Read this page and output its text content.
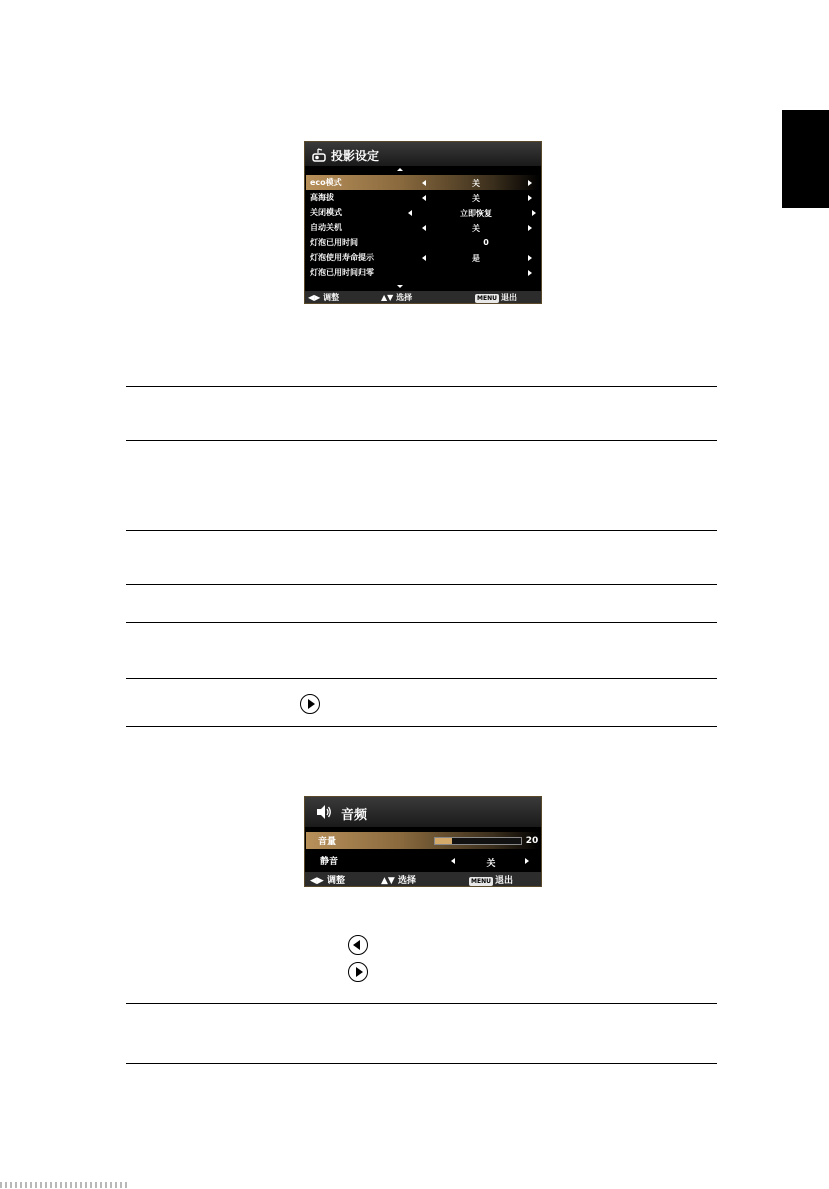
投影设定
eco模式	关
高海拔	关
关闭模式	立即恢复
自动关机	关
灯泡已用时间	0
灯泡使用寿命提示	是
灯泡已用时间归零
◀▶ 调整	▲▼ 选择	MENU 退出
音频
音量	20
静音	关
◀▶ 调整	▲▼ 选择	MENU 退出
